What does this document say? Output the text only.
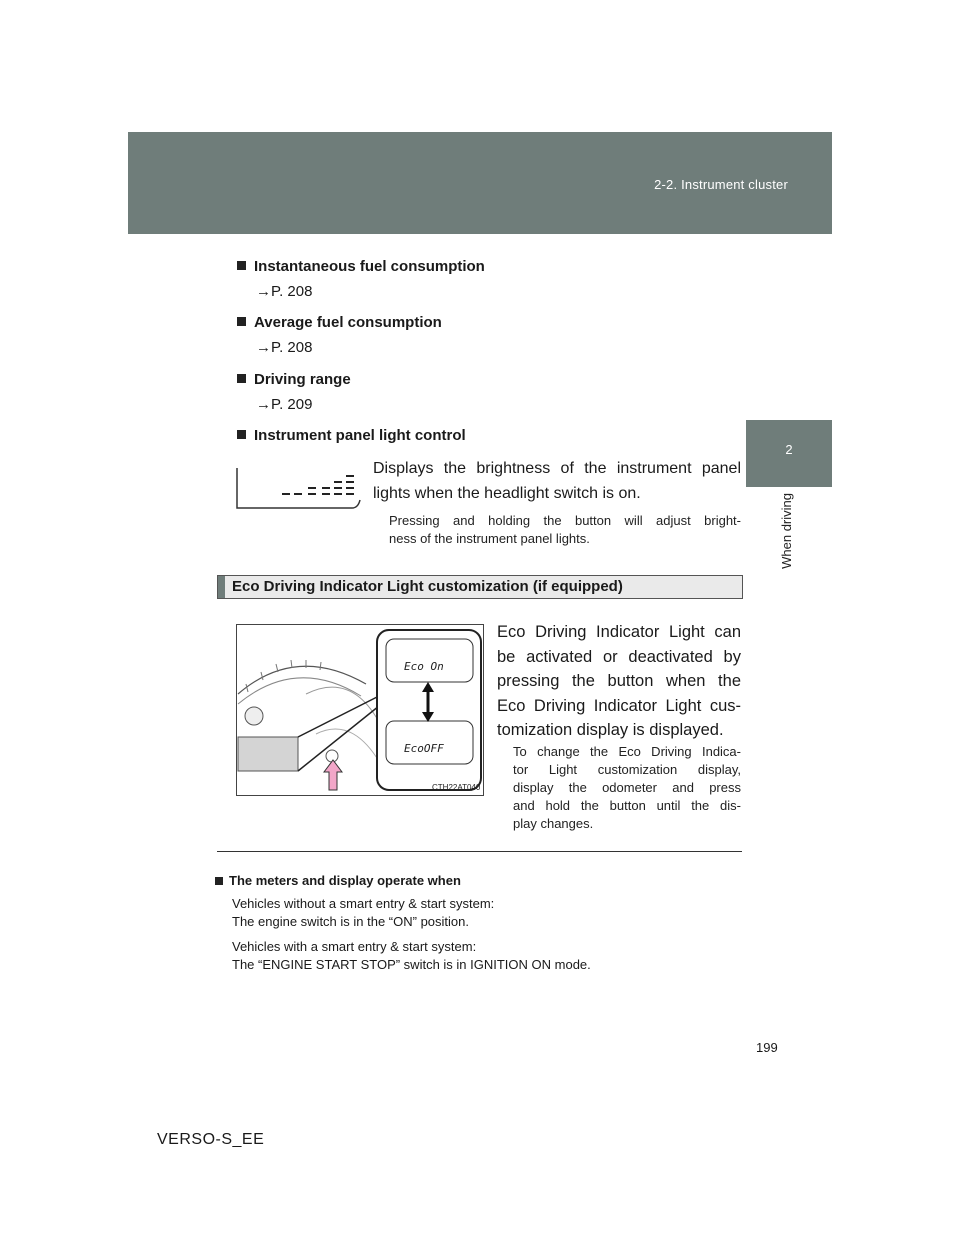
2-2. Instrument cluster
2
When driving
Instantaneous fuel consumption
→P. 208
Average fuel consumption
→P. 208
Driving range
→P. 209
Instrument panel light control
Displays the brightness of the instrument panel
lights when the headlight switch is on.
Pressing and holding the button will adjust bright-
ness of the instrument panel lights.
Eco Driving Indicator Light customization (if equipped)
Eco On
EcoOFF
CTH22AT040
Eco Driving Indicator Light can
be activated or deactivated by
pressing the button when the
Eco Driving Indicator Light cus-
tomization display is displayed.
To change the Eco Driving Indica-
tor Light customization display,
display the odometer and press
and hold the button until the dis-
play changes.
The meters and display operate when
Vehicles without a smart entry & start system:
The engine switch is in the “ON” position.
Vehicles with a smart entry & start system:
The “ENGINE START STOP” switch is in IGNITION ON mode.
199
VERSO-S_EE
